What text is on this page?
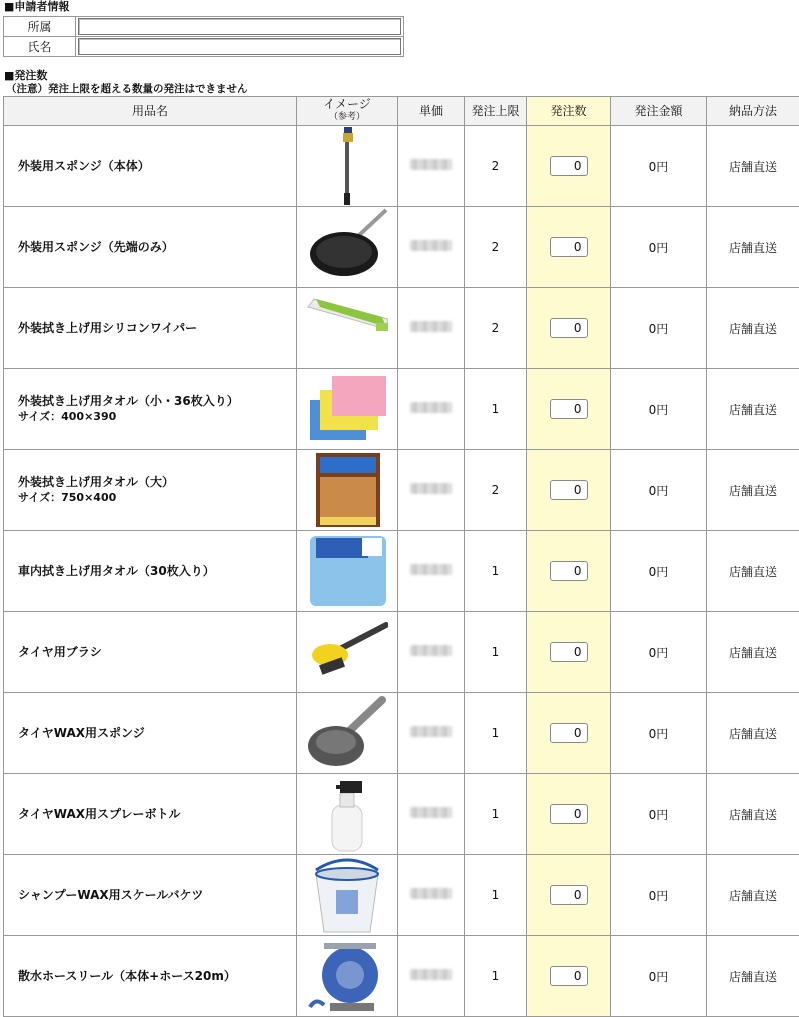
■申請者情報
所属	

氏名	
■発注数
（注意）発注上限を超える数量の発注はできません
用品名	イメージ
（参考）	単価	発注上限	発注数	発注金額	納品方法
外装用スポンジ（本体）			2	0	0円	店舗直送
外装用スポンジ（先端のみ）			2	0	0円	店舗直送
外装拭き上げ用シリコンワイパー			2	0	0円	店舗直送
外装拭き上げ用タオル（小・36枚入り）
サイズ：400×390			1	0	0円	店舗直送
外装拭き上げ用タオル（大）
サイズ：750×400			2	0	0円	店舗直送
車内拭き上げ用タオル（30枚入り）			1	0	0円	店舗直送
タイヤ用ブラシ			1	0	0円	店舗直送
タイヤWAX用スポンジ			1	0	0円	店舗直送
タイヤWAX用スプレーボトル			1	0	0円	店舗直送
シャンプーWAX用スケールバケツ			1	0	0円	店舗直送
散水ホースリール（本体+ホース20m）			1	0	0円	店舗直送
